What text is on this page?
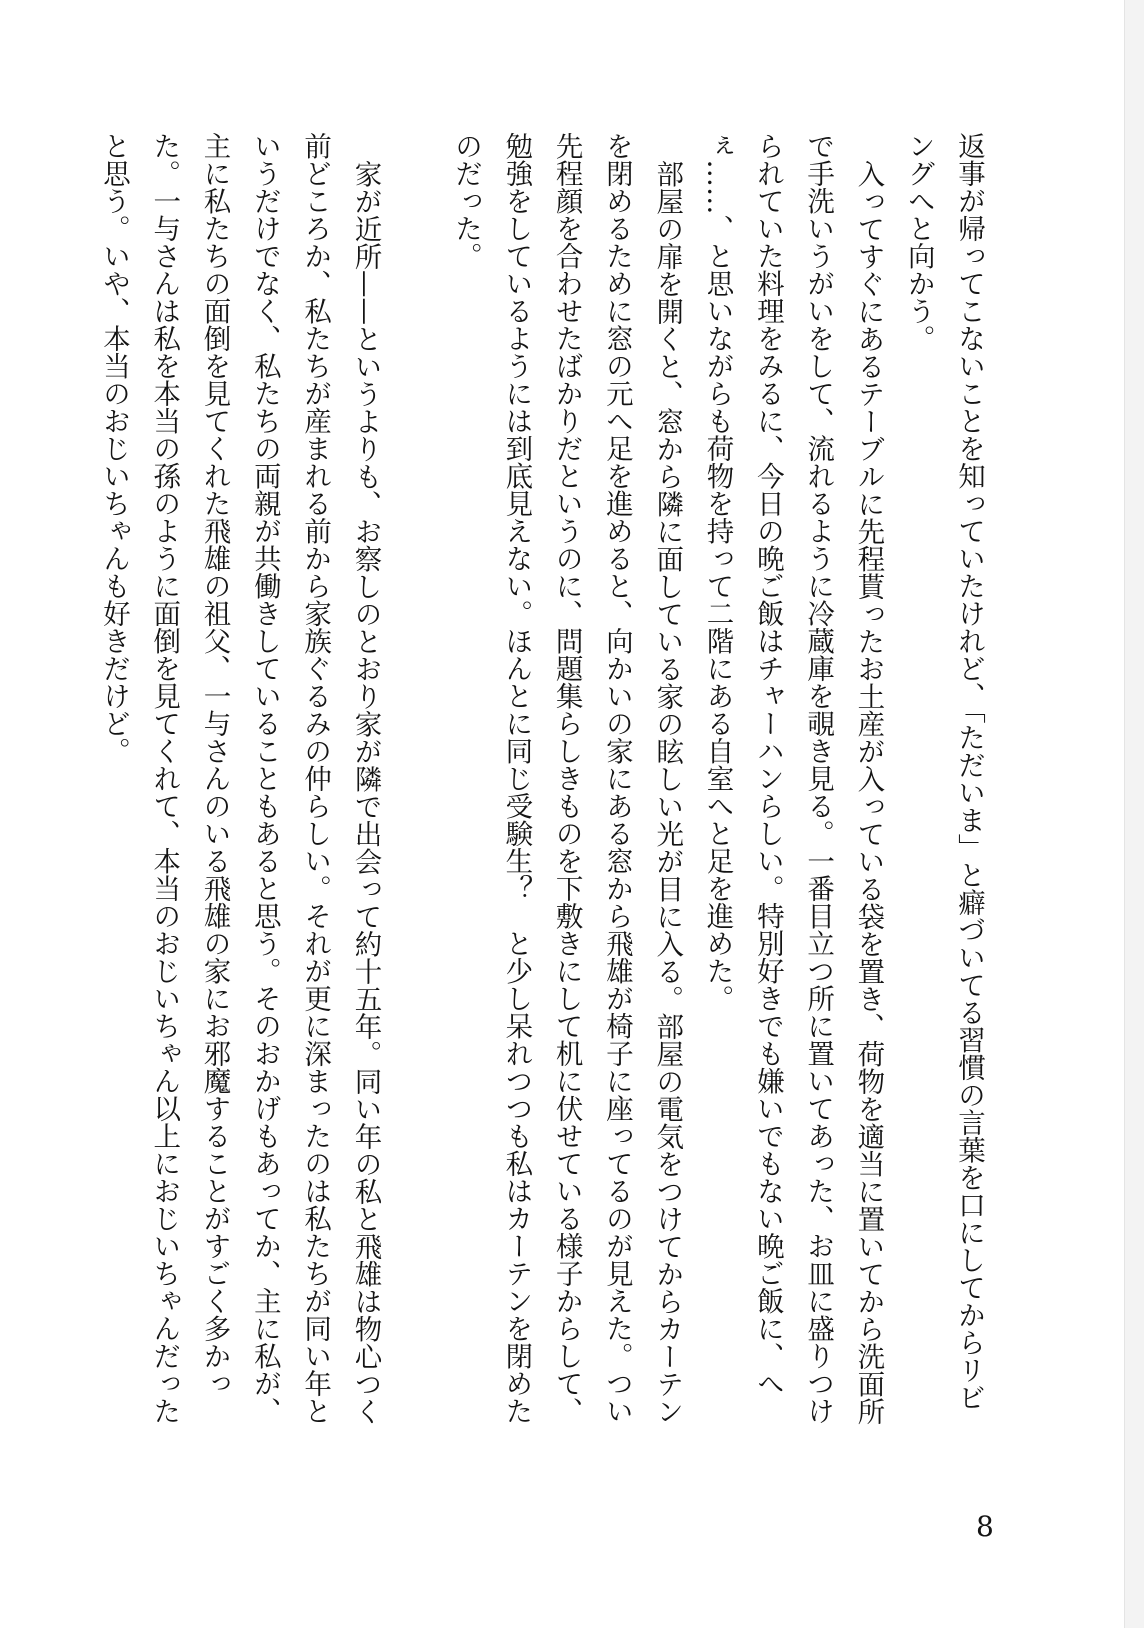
返事が帰ってこないことを知っていたけれど、「ただいま」と癖づいてる習慣の言葉を口にしてからリビングへと向かう。

入ってすぐにあるテーブルに先程貰ったお土産が入っている袋を置き、荷物を適当に置いてから洗面所で手洗いうがいをして、流れるように冷蔵庫を覗き見る。一番目立つ所に置いてあった、お皿に盛りつけられていた料理をみるに、今日の晩ご飯はチャーハンらしい。特別好きでも嫌いでもない晩ご飯に、へぇ……、と思いながらも荷物を持って二階にある自室へと足を進めた。

部屋の扉を開くと、窓から隣に面している家の眩しい光が目に入る。部屋の電気をつけてからカーテンを閉めるために窓の元へ足を進めると、向かいの家にある窓から飛雄が椅子に座ってるのが見えた。つい先程顔を合わせたばかりだというのに、問題集らしきものを下敷きにして机に伏せている様子からして、勉強をしているようには到底見えない。ほんとに同じ受験生？　と少し呆れつつも私はカーテンを閉めたのだった。

家が近所——というよりも、お察しのとおり家が隣で出会って約十五年。同い年の私と飛雄は物心つく前どころか、私たちが産まれる前から家族ぐるみの仲らしい。それが更に深まったのは私たちが同い年というだけでなく、私たちの両親が共働きしていることもあると思う。そのおかげもあってか、主に私が、主に私たちの面倒を見てくれた飛雄の祖父、一与さんのいる飛雄の家にお邪魔することがすごく多かった。一与さんは私を本当の孫のように面倒を見てくれて、本当のおじいちゃん以上におじいちゃんだったと思う。いや、本当のおじいちゃんも好きだけど。

8
